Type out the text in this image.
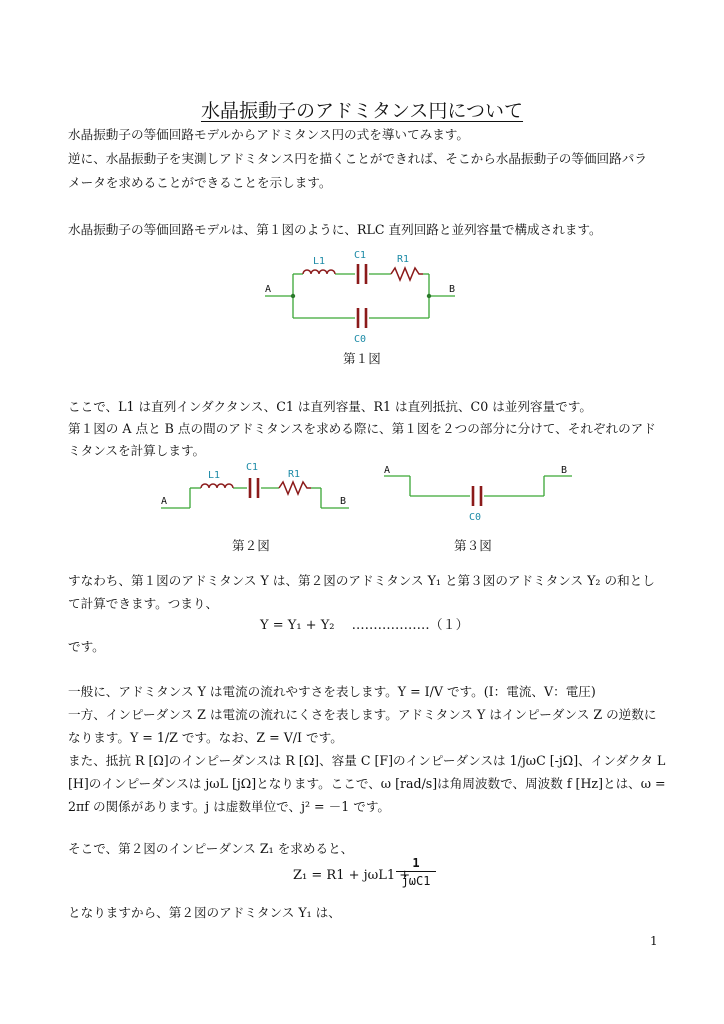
水晶振動子のアドミタンス円について
水晶振動子の等価回路モデルからアドミタンス円の式を導いてみます。
逆に、水晶振動子を実測しアドミタンス円を描くことができれば、そこから水晶振動子の等価回路パラ
メータを求めることができることを示します。
水晶振動子の等価回路モデルは、第１図のように、RLC 直列回路と並列容量で構成されます。
A	B
L1
C1	R1
C0
第１図
ここで、L1 は直列インダクタンス、C1 は直列容量、R1 は直列抵抗、C0 は並列容量です。
第１図の A 点と B 点の間のアドミタンスを求める際に、第１図を２つの部分に分けて、それぞれのアド
ミタンスを計算します。
A	B
L1
C1
R1
第２図
A	B
C0
第３図
すなわち、第１図のアドミタンス Y は、第２図のアドミタンス Y₁ と第３図のアドミタンス Y₂ の和とし
て計算できます。つまり、
Y = Y₁ + Y₂　 ………………（１）
です。
一般に、アドミタンス Y は電流の流れやすさを表します。Y = I/V です。(I：電流、V：電圧)
一方、インピーダンス Z は電流の流れにくさを表します。アドミタンス Y はインピーダンス Z の逆数に
なります。Y = 1/Z です。なお、Z = V/I です。
また、抵抗 R [Ω]のインピーダンスは R [Ω]、容量 C [F]のインピーダンスは 1/jωC [-jΩ]、インダクタ L
[H]のインピーダンスは jωL [jΩ]となります。ここで、ω [rad/s]は角周波数で、周波数 f [Hz]とは、ω =
2πf の関係があります。j は虚数単位で、j² = －1 です。
そこで、第２図のインピーダンス Z₁ を求めると、
Z₁ = R1 + jωL1 +
1
jωC1
となりますから、第２図のアドミタンス Y₁ は、
1
